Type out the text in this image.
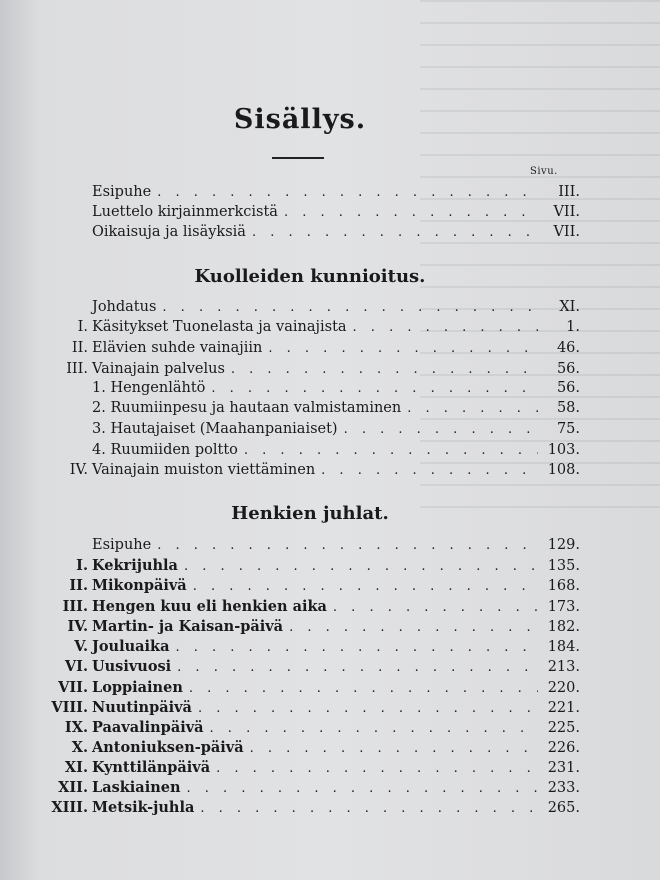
Sisällys.
Sivu.
Esipuhe . . .	III.
Luettelo kirjainmerkcistä . . .	VII.
Oikaisuja ja lisäyksiä . . .	VII.
Kuolleiden kunnioitus.
Johdatus . . .	XI.
I. Käsitykset Tuonelasta ja vainajista . . .	1.
II. Elävien suhde vainajiin . . .	46.
III. Vainajain palvelus . . .	56.
1. Hengenlähtö . . .	56.
2. Ruumiinpesu ja hautaan valmistaminen . . .	58.
3. Hautajaiset (Maahanpaniaiset) . . .	75.
4. Ruumiiden poltto . . .	103.
IV. Vainajain muiston viettäminen . . .	108.
Henkien juhlat.
Esipuhe . . .	129.
I. Kekrijuhla . . .	135.
II. Mikonpäivä . . .	168.
III. Hengen kuu eli henkien aika . . .	173.
IV. Martin- ja Kaisan-päivä . . .	182.
V. Jouluaika . . .	184.
VI. Uusivuosi . . .	213.
VII. Loppiainen . . .	220.
VIII. Nuutinpäivä . . .	221.
IX. Paavalinpäivä . . .	225.
X. Antoniuksen-päivä . . .	226.
XI. Kynttilänpäivä . . .	231.
XII. Laskiainen . . .	233.
XIII. Metsik-juhla . . .	265.
